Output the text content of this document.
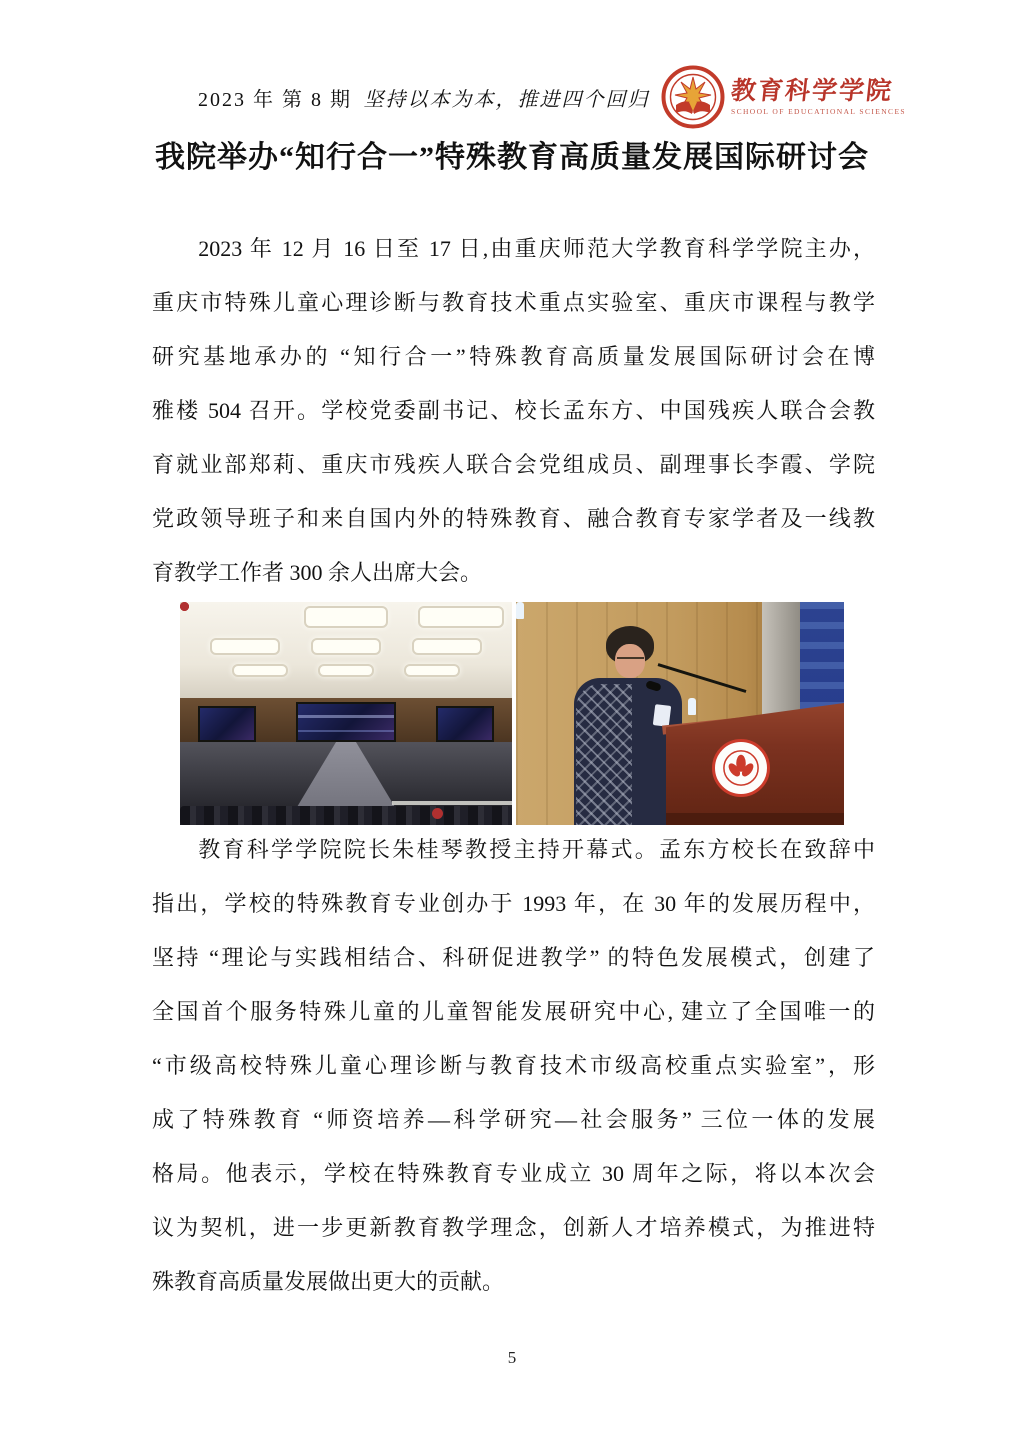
2023 年 第 8 期 坚持以本为本，推进四个回归	教育科学学院
SCHOOL OF EDUCATIONAL SCIENCES
我院举办“知行合一”特殊教育高质量发展国际研讨会
2023 年 12 月 16 日至 17 日,由重庆师范大学教育科学学院主办，
重庆市特殊儿童心理诊断与教育技术重点实验室、重庆市课程与教学
研究基地承办的 “知行合一”特殊教育高质量发展国际研讨会在博
雅楼 504 召开。学校党委副书记、校长孟东方、中国残疾人联合会教
育就业部郑莉、重庆市残疾人联合会党组成员、副理事长李霞、学院
党政领导班子和来自国内外的特殊教育、融合教育专家学者及一线教
育教学工作者 300 余人出席大会。
教育科学学院院长朱桂琴教授主持开幕式。孟东方校长在致辞中
指出，学校的特殊教育专业创办于 1993 年，在 30 年的发展历程中，
坚持 “理论与实践相结合、科研促进教学” 的特色发展模式，创建了
全国首个服务特殊儿童的儿童智能发展研究中心, 建立了全国唯一的
“市级高校特殊儿童心理诊断与教育技术市级高校重点实验室”，形
成了特殊教育 “师资培养—科学研究—社会服务” 三位一体的发展
格局。他表示，学校在特殊教育专业成立 30 周年之际，将以本次会
议为契机，进一步更新教育教学理念，创新人才培养模式，为推进特
殊教育高质量发展做出更大的贡献。
5
